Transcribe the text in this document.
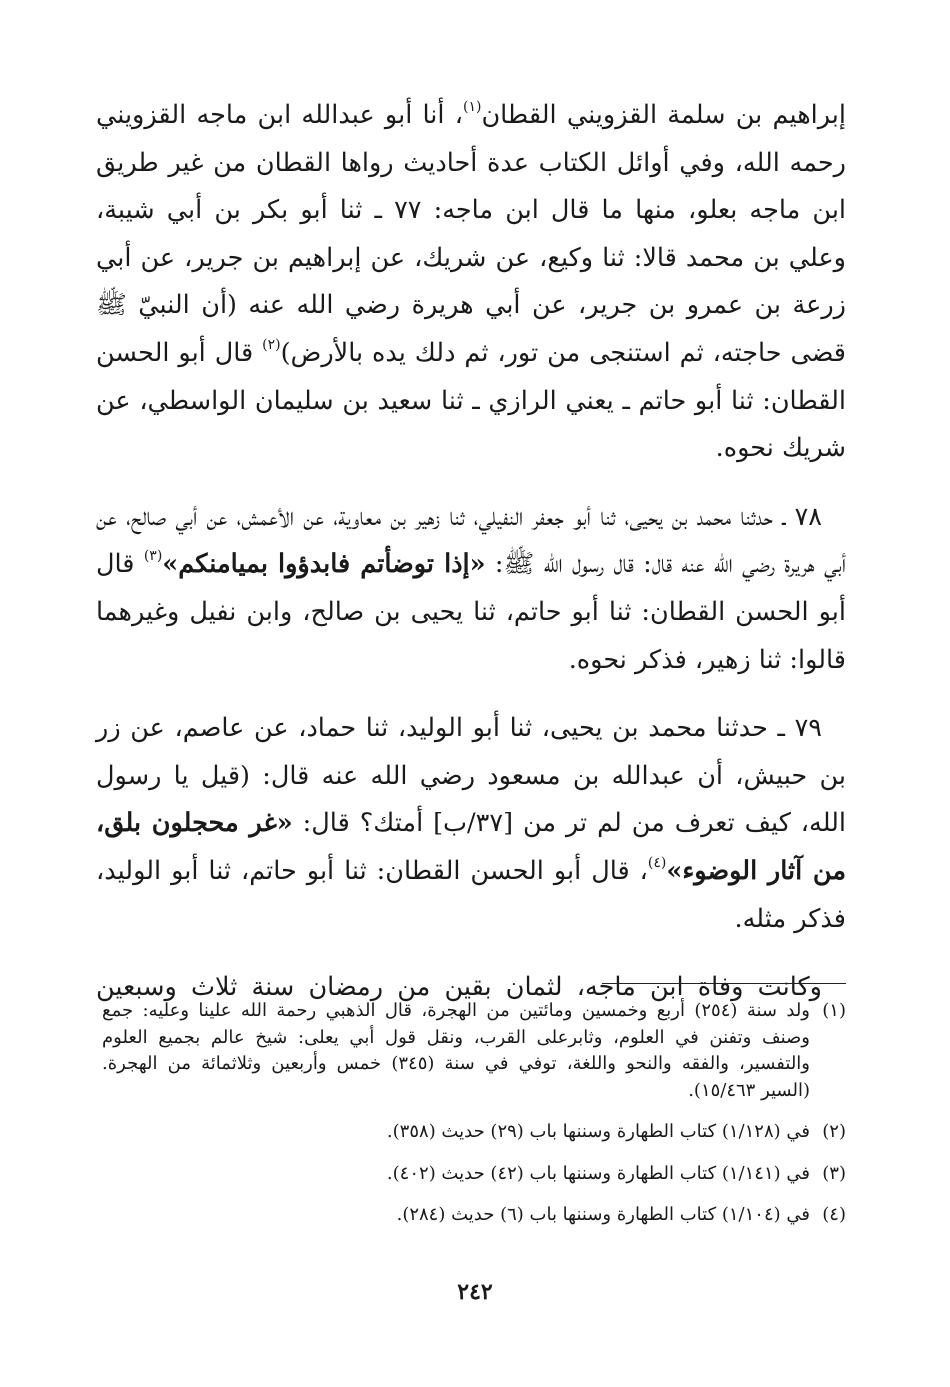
إبراهيم بن سلمة القزويني القطان$^{(١)}$، أنا أبو عبدالله ابن ماجه القزويني رحمه الله، وفي أوائل الكتاب عدة أحاديث رواها القطان من غير طريق ابن ماجه بعلو، منها ما قال ابن ماجه: ٧٧ ـ ثنا أبو بكر بن أبي شيبة، وعلي بن محمد قالا: ثنا وكيع، عن شريك، عن إبراهيم بن جرير، عن أبي زرعة بن عمرو بن جرير، عن أبي هريرة رضي الله عنه (أن النبيّ ﷺ قضى حاجته، ثم استنجى من تور، ثم دلك يده بالأرض)$^{(٢)}$ قال أبو الحسن القطان: ثنا أبو حاتم ـ يعني الرازي ـ ثنا سعيد بن سليمان الواسطي، عن شريك نحوه.

٧٨ ـ حدثنا محمد بن يحيى، ثنا أبو جعفر النفيلي، ثنا زهير بن معاوية، عن الأعمش، عن أبي صالح، عن أبي هريرة رضي الله عنه قال: قال رسول الله ﷺ: «إذا توضأتم فابدؤوا بميامنكم»$^{(٣)}$ قال أبو الحسن القطان: ثنا أبو حاتم، ثنا يحيى بن صالح، وابن نفيل وغيرهما قالوا: ثنا زهير، فذكر نحوه.

٧٩ ـ حدثنا محمد بن يحيى، ثنا أبو الوليد، ثنا حماد، عن عاصم، عن زر بن حبيش، أن عبدالله بن مسعود رضي الله عنه قال: (قيل يا رسول الله، كيف تعرف من لم تر من [٣٧/ب] أمتك؟ قال: «غر محجلون بلق، من آثار الوضوء»$^{(٤)}$، قال أبو الحسن القطان: ثنا أبو حاتم، ثنا أبو الوليد، فذكر مثله.

وكانت وفاة ابن ماجه، لثمان بقين من رمضان سنة ثلاث وسبعين

(١)
ولد سنة (٢٥٤) أربع وخمسين ومائتين من الهجرة، قال الذهبي رحمة الله علينا وعليه: جمع وصنف وتفنن في العلوم، وثابرعلى القرب، ونقل قول أبي يعلى: شيخ عالم بجميع العلوم والتفسير، والفقه والنحو واللغة، توفي في سنة (٣٤٥) خمس وأربعين وثلاثمائة من الهجرة. (السير ١٥/٤٦٣).
(٢)
في (١/١٢٨) كتاب الطهارة وسننها باب (٢٩) حديث (٣٥٨).
(٣)
في (١/١٤١) كتاب الطهارة وسننها باب (٤٢) حديث (٤٠٢).
(٤)
في (١/١٠٤) كتاب الطهارة وسننها باب (٦) حديث (٢٨٤).
٢٤٢
